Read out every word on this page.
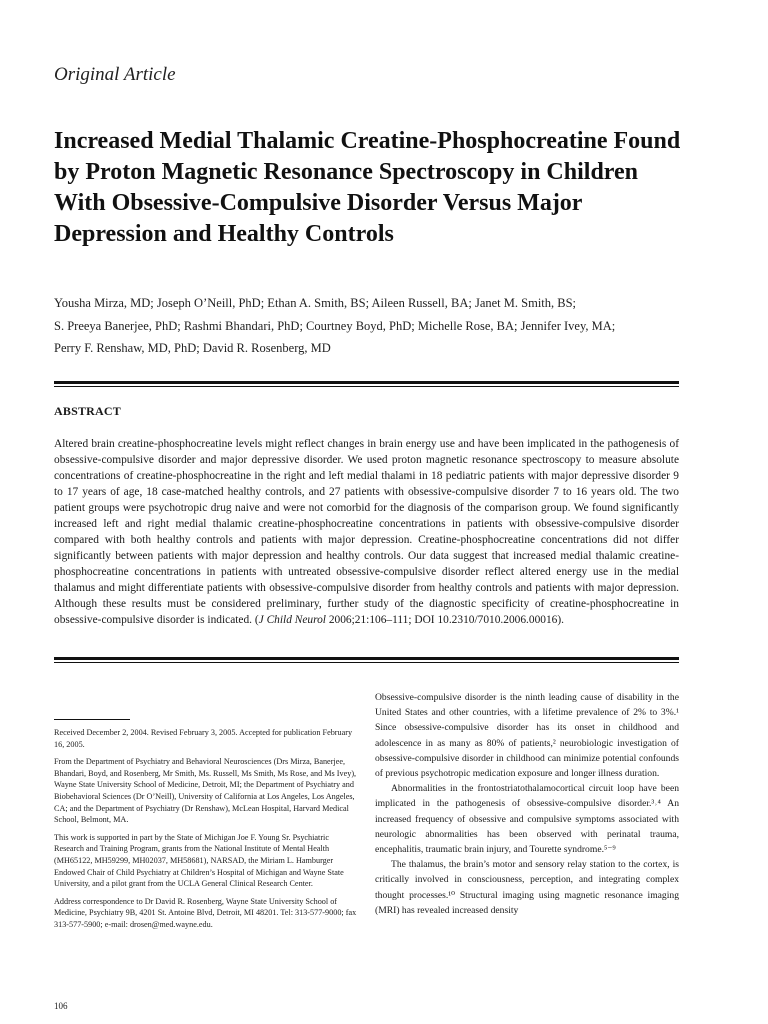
Original Article
Increased Medial Thalamic Creatine-Phosphocreatine Found by Proton Magnetic Resonance Spectroscopy in Children With Obsessive-Compulsive Disorder Versus Major Depression and Healthy Controls
Yousha Mirza, MD; Joseph O’Neill, PhD; Ethan A. Smith, BS; Aileen Russell, BA; Janet M. Smith, BS;
S. Preeya Banerjee, PhD; Rashmi Bhandari, PhD; Courtney Boyd, PhD; Michelle Rose, BA; Jennifer Ivey, MA;
Perry F. Renshaw, MD, PhD; David R. Rosenberg, MD
ABSTRACT

Altered brain creatine-phosphocreatine levels might reflect changes in brain energy use and have been implicated in the pathogenesis of obsessive-compulsive disorder and major depressive disorder. We used proton magnetic resonance spectroscopy to measure absolute concentrations of creatine-phosphocreatine in the right and left medial thalami in 18 pediatric patients with major depressive disorder 9 to 17 years of age, 18 case-matched healthy controls, and 27 patients with obsessive-compulsive disorder 7 to 16 years old. The two patient groups were psychotropic drug naive and were not comorbid for the diagnosis of the comparison group. We found significantly increased left and right medial thalamic creatine-phosphocreatine concentrations in patients with obsessive-compulsive disorder compared with both healthy controls and patients with major depression. Creatine-phosphocreatine concentrations did not differ significantly between patients with major depression and healthy controls. Our data suggest that increased medial thalamic creatine-phosphocreatine concentrations in patients with untreated obsessive-compulsive disorder reflect altered energy use in the medial thalamus and might differentiate patients with obsessive-compulsive disorder from healthy controls and patients with major depression. Although these results must be considered preliminary, further study of the diagnostic specificity of creatine-phosphocreatine in obsessive-compulsive disorder is indicated. (J Child Neurol 2006;21:106–111; DOI 10.2310/7010.2006.00016).

Received December 2, 2004. Revised February 3, 2005. Accepted for publication February 16, 2005.

From the Department of Psychiatry and Behavioral Neurosciences (Drs Mirza, Banerjee, Bhandari, Boyd, and Rosenberg, Mr Smith, Ms. Russell, Ms Smith, Ms Rose, and Ms Ivey), Wayne State University School of Medicine, Detroit, MI; the Department of Psychiatry and Biobehavioral Sciences (Dr O’Neill), University of California at Los Angeles, Los Angeles, CA; and the Department of Psychiatry (Dr Renshaw), McLean Hospital, Harvard Medical School, Belmont, MA.

This work is supported in part by the State of Michigan Joe F. Young Sr. Psychiatric Research and Training Program, grants from the National Institute of Mental Health (MH65122, MH59299, MH02037, MH58681), NARSAD, the Miriam L. Hamburger Endowed Chair of Child Psychiatry at Children’s Hospital of Michigan and Wayne State University, and a pilot grant from the UCLA General Clinical Research Center.

Address correspondence to Dr David R. Rosenberg, Wayne State University School of Medicine, Psychiatry 9B, 4201 St. Antoine Blvd, Detroit, MI 48201. Tel: 313-577-9000; fax 313-577-5900; e-mail: drosen@med.wayne.edu.

Obsessive-compulsive disorder is the ninth leading cause of disability in the United States and other countries, with a lifetime prevalence of 2% to 3%.¹ Since obsessive-compulsive disorder has its onset in childhood and adolescence in as many as 80% of patients,² neurobiologic investigation of obsessive-compulsive disorder in childhood can minimize potential confounds of previous psychotropic medication exposure and longer illness duration.

Abnormalities in the frontostriatothalamocortical circuit loop have been implicated in the pathogenesis of obsessive-compulsive disorder.³˒⁴ An increased frequency of obsessive and compulsive symptoms associated with neurologic abnormalities has been observed with perinatal trauma, encephalitis, traumatic brain injury, and Tourette syndrome.⁵⁻⁹

The thalamus, the brain’s motor and sensory relay station to the cortex, is critically involved in consciousness, perception, and integrating complex thought processes.¹⁰ Structural imaging using magnetic resonance imaging (MRI) has revealed increased density

106
